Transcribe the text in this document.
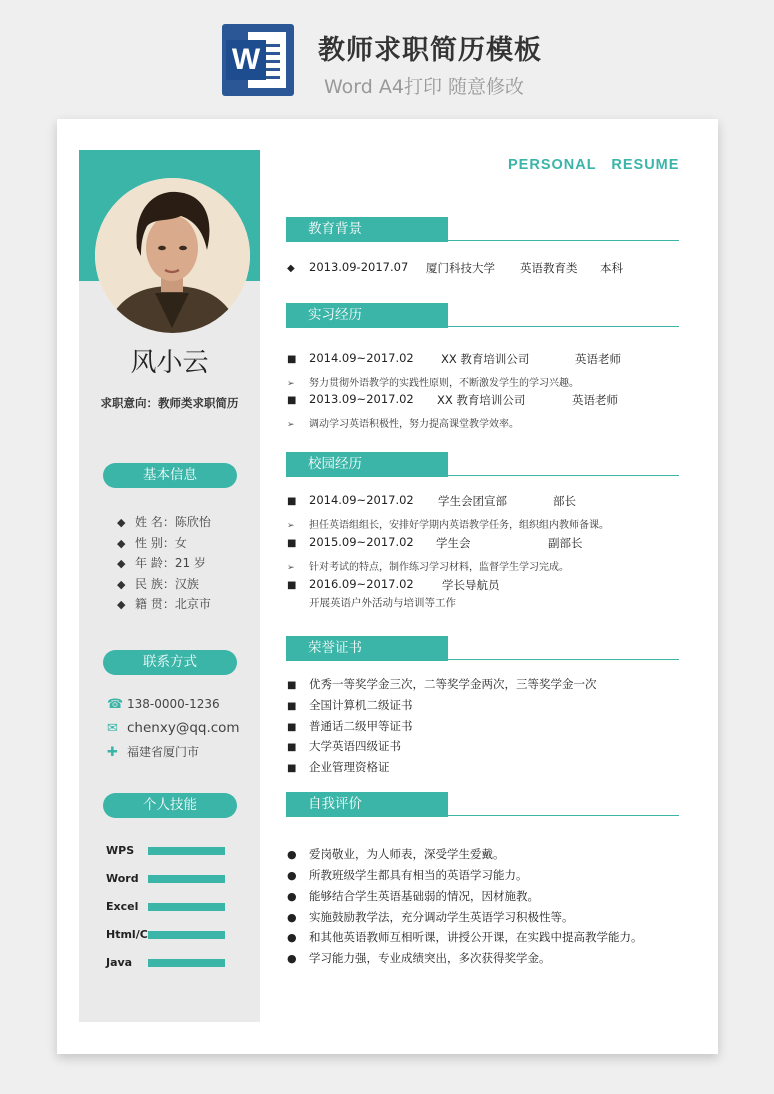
W 教师求职简历模板
Word A4打印 随意修改
风小云
求职意向：教师类求职简历
基本信息
◆ 姓 名：陈欣怡
◆ 性 别：女
◆ 年 龄：21 岁
◆ 民 族：汉族
◆ 籍 贯：北京市
联系方式
☎ 138-0000-1236
✉ chenxy@qq.com
✚ 福建省厦门市
个人技能
WPS
Word
Excel
Html/C
Java
PERSONAL   RESUME
教育背景
◆ 2013.09-2017.07 厦门科技大学 英语教育类 本科
实习经历
■ 2014.09~2017.02 XX 教育培训公司	英语老师
➢ 努力贯彻外语教学的实践性原则，不断激发学生的学习兴趣。
■ 2013.09~2017.02 XX 教育培训公司	英语老师
➢ 调动学习英语积极性，努力提高课堂教学效率。
校园经历
■ 2014.09~2017.02 学生会团宣部	部长
➢ 担任英语组组长，安排好学期内英语教学任务，组织组内教师备课。
■ 2015.09~2017.02 学生会	副部长
➢ 针对考试的特点，制作练习学习材料，监督学生学习完成。
■ 2016.09~2017.02 学长导航员
开展英语户外活动与培训等工作
荣誉证书
■ 优秀一等奖学金三次，二等奖学金两次，三等奖学金一次
■ 全国计算机二级证书
■ 普通话二级甲等证书
■ 大学英语四级证书
■ 企业管理资格证
自我评价
● 爱岗敬业，为人师表，深受学生爱戴。
● 所教班级学生都具有相当的英语学习能力。
● 能够结合学生英语基础弱的情况，因材施教。
● 实施鼓励教学法，充分调动学生英语学习积极性等。
● 和其他英语教师互相听课，讲授公开课，在实践中提高教学能力。
● 学习能力强，专业成绩突出，多次获得奖学金。
